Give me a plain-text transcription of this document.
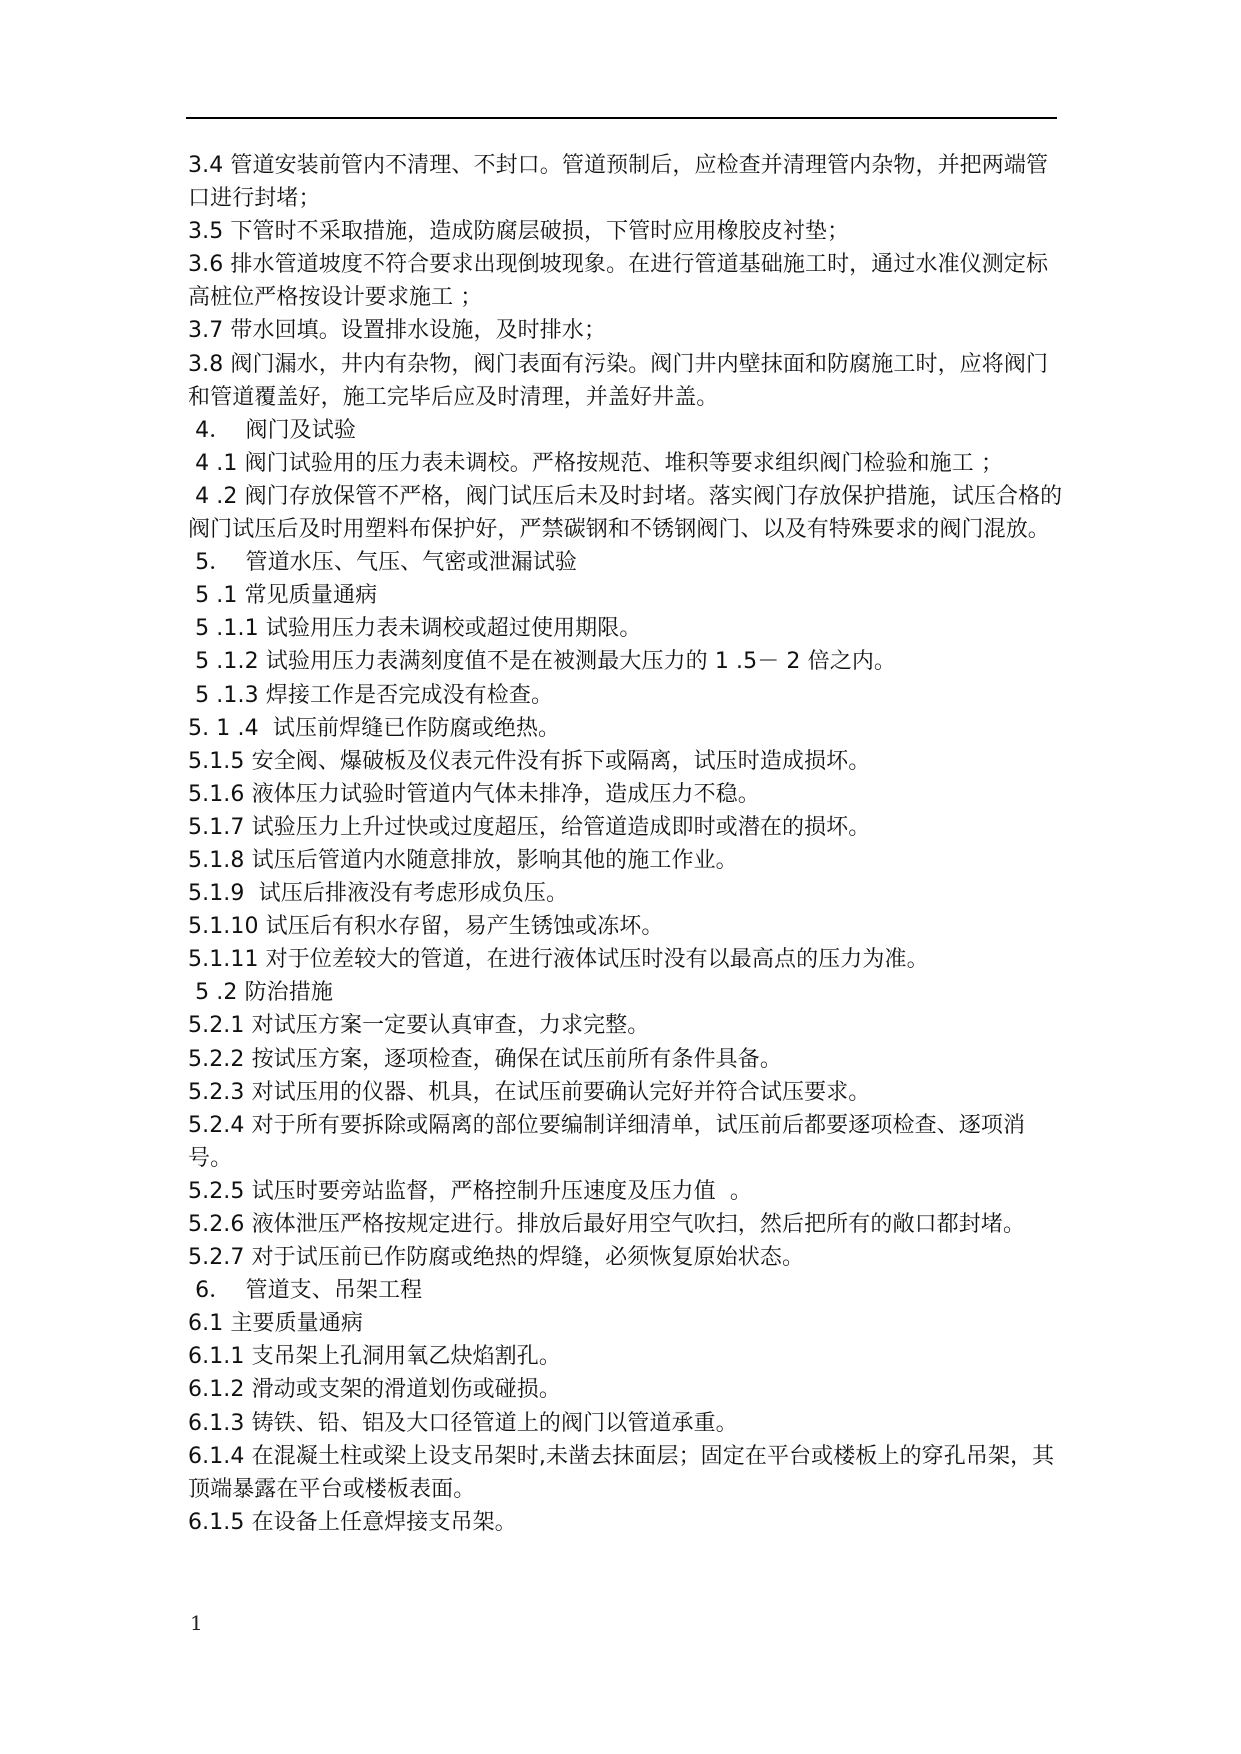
3.4 管道安装前管内不清理、不封口。管道预制后，应检查并清理管内杂物，并把两端管口进行封堵；

3.5 下管时不采取措施，造成防腐层破损，下管时应用橡胶皮衬垫；

3.6 排水管道坡度不符合要求出现倒坡现象。在进行管道基础施工时，通过水准仪测定标高桩位严格按设计要求施工 ；

3.7 带水回填。设置排水设施，及时排水；

3.8 阀门漏水，井内有杂物，阀门表面有污染。阀门井内壁抹面和防腐施工时，应将阀门和管道覆盖好，施工完毕后应及时清理，并盖好井盖。

4．  阀门及试验

4 .1 阀门试验用的压力表未调校。严格按规范、堆积等要求组织阀门检验和施工 ；

4 .2 阀门存放保管不严格，阀门试压后未及时封堵。落实阀门存放保护措施，试压合格的阀门试压后及时用塑料布保护好，严禁碳钢和不锈钢阀门、以及有特殊要求的阀门混放。

5．  管道水压、气压、气密或泄漏试验

5 .1 常见质量通病

5 .1.1 试验用压力表未调校或超过使用期限。

5 .1.2 试验用压力表满刻度值不是在被测最大压力的 1 .5－ 2 倍之内。

5 .1.3 焊接工作是否完成没有检查。

5. 1 .4  试压前焊缝已作防腐或绝热。

5.1.5 安全阀、爆破板及仪表元件没有拆下或隔离，试压时造成损坏。

5.1.6 液体压力试验时管道内气体未排净，造成压力不稳。

5.1.7 试验压力上升过快或过度超压，给管道造成即时或潜在的损坏。

5.1.8 试压后管道内水随意排放，影响其他的施工作业。

5.1.9  试压后排液没有考虑形成负压。

5.1.10 试压后有积水存留，易产生锈蚀或冻坏。

5.1.11 对于位差较大的管道，在进行液体试压时没有以最高点的压力为准。

5 .2 防治措施

5.2.1 对试压方案一定要认真审查，力求完整。

5.2.2 按试压方案，逐项检查，确保在试压前所有条件具备。

5.2.3 对试压用的仪器、机具，在试压前要确认完好并符合试压要求。

5.2.4 对于所有要拆除或隔离的部位要编制详细清单，试压前后都要逐项检查、逐项消号。

5.2.5 试压时要旁站监督，严格控制升压速度及压力值  。

5.2.6 液体泄压严格按规定进行。排放后最好用空气吹扫，然后把所有的敞口都封堵。

5.2.7 对于试压前已作防腐或绝热的焊缝，必须恢复原始状态。

6．  管道支、吊架工程

6.1 主要质量通病

6.1.1 支吊架上孔洞用氧乙炔焰割孔。

6.1.2 滑动或支架的滑道划伤或碰损。

6.1.3 铸铁、铅、铝及大口径管道上的阀门以管道承重。

6.1.4 在混凝土柱或梁上设支吊架时,未凿去抹面层；固定在平台或楼板上的穿孔吊架，其顶端暴露在平台或楼板表面。

6.1.5 在设备上任意焊接支吊架。

1
